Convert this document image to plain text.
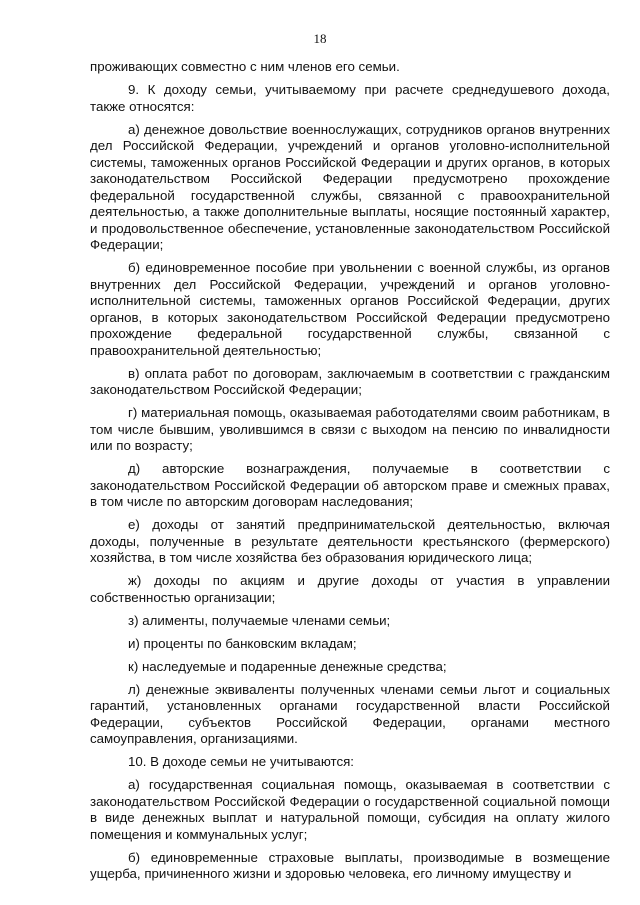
18

проживающих совместно с ним членов его семьи.

9. К доходу семьи, учитываемому при расчете среднедушевого дохода, также относятся:

а) денежное довольствие военнослужащих, сотрудников органов внутренних дел Российской Федерации, учреждений и органов уголовно-исполнительной системы, таможенных органов Российской Федерации и других органов, в которых законодательством Российской Федерации предусмотрено прохождение федеральной государственной службы, связанной с правоохранительной деятельностью, а также дополнительные выплаты, носящие постоянный характер, и продовольственное обеспечение, установленные законодательством Российской Федерации;

б) единовременное пособие при увольнении с военной службы, из органов внутренних дел Российской Федерации, учреждений и органов уголовно-исполнительной системы, таможенных органов Российской Федерации, других органов, в которых законодательством Российской Федерации предусмотрено прохождение федеральной государственной службы, связанной с правоохранительной деятельностью;

в) оплата работ по договорам, заключаемым в соответствии с гражданским законодательством Российской Федерации;

г) материальная помощь, оказываемая работодателями своим работникам, в том числе бывшим, уволившимся в связи с выходом на пенсию по инвалидности или по возрасту;

д) авторские вознаграждения, получаемые в соответствии с законодательством Российской Федерации об авторском праве и смежных правах, в том числе по авторским договорам наследования;

е) доходы от занятий предпринимательской деятельностью, включая доходы, полученные в результате деятельности крестьянского (фермерского) хозяйства, в том числе хозяйства без образования юридического лица;

ж) доходы по акциям и другие доходы от участия в управлении собственностью организации;

з) алименты, получаемые членами семьи;

и) проценты по банковским вкладам;

к) наследуемые и подаренные денежные средства;

л) денежные эквиваленты полученных членами семьи льгот и социальных гарантий, установленных органами государственной власти Российской Федерации, субъектов Российской Федерации, органами местного самоуправления, организациями.

10. В доходе семьи не учитываются:

а) государственная социальная помощь, оказываемая в соответствии с законодательством Российской Федерации о государственной социальной помощи в виде денежных выплат и натуральной помощи, субсидия на оплату жилого помещения и коммунальных услуг;

б) единовременные страховые выплаты, производимые в возмещение ущерба, причиненного жизни и здоровью человека, его личному имуществу и
